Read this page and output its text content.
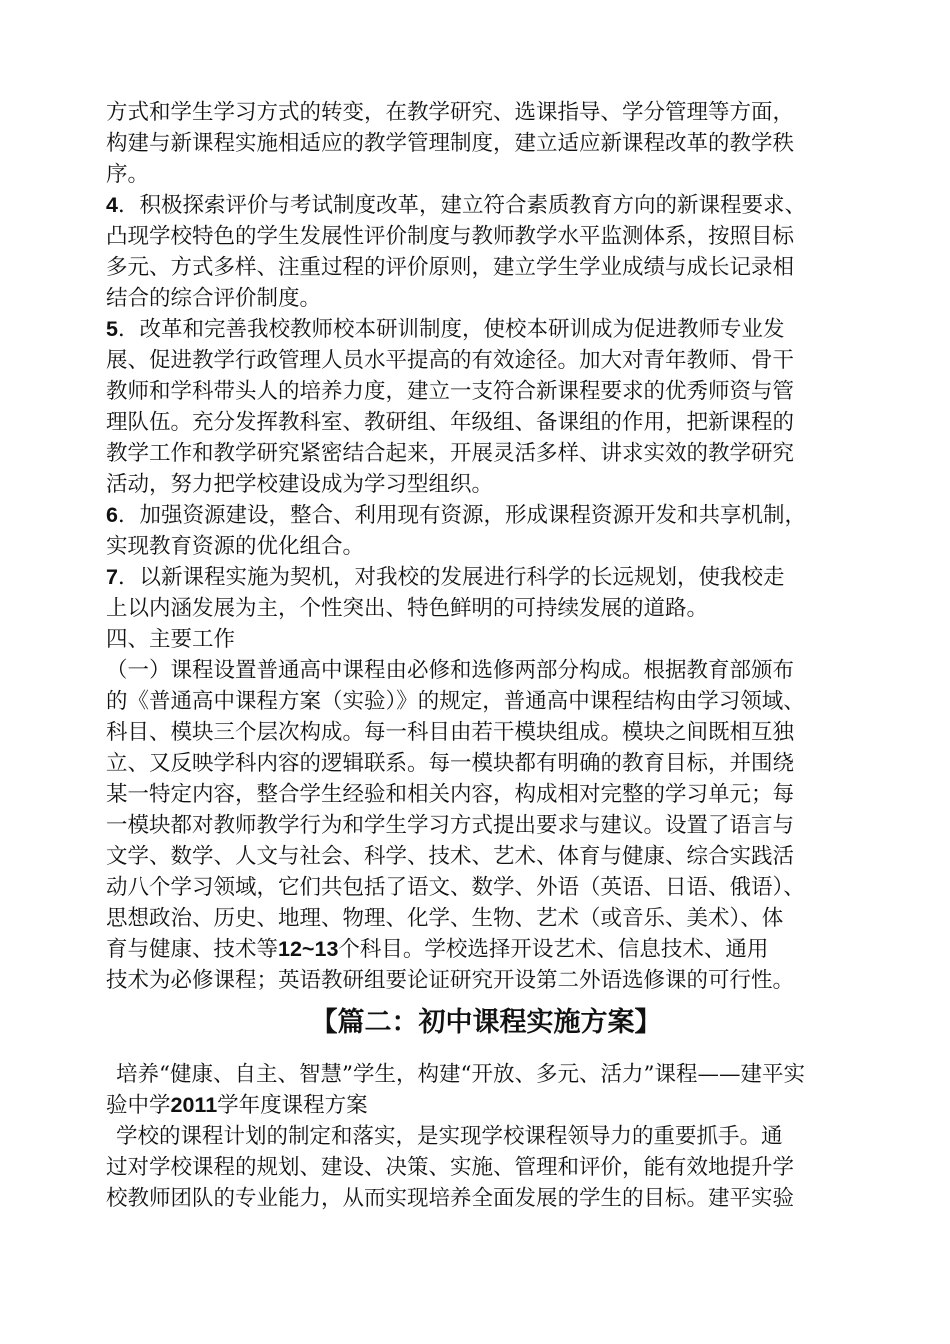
方式和学生学习方式的转变，在教学研究、选课指导、学分管理等方面，
构建与新课程实施相适应的教学管理制度，建立适应新课程改革的教学秩
序。
4．积极探索评价与考试制度改革，建立符合素质教育方向的新课程要求、
凸现学校特色的学生发展性评价制度与教师教学水平监测体系，按照目标
多元、方式多样、注重过程的评价原则，建立学生学业成绩与成长记录相
结合的综合评价制度。
5．改革和完善我校教师校本研训制度，使校本研训成为促进教师专业发
展、促进教学行政管理人员水平提高的有效途径。加大对青年教师、骨干
教师和学科带头人的培养力度，建立一支符合新课程要求的优秀师资与管
理队伍。充分发挥教科室、教研组、年级组、备课组的作用，把新课程的
教学工作和教学研究紧密结合起来，开展灵活多样、讲求实效的教学研究
活动，努力把学校建设成为学习型组织。
6．加强资源建设，整合、利用现有资源，形成课程资源开发和共享机制，
实现教育资源的优化组合。
7．以新课程实施为契机，对我校的发展进行科学的长远规划，使我校走
上以内涵发展为主，个性突出、特色鲜明的可持续发展的道路。
四、主要工作
（一）课程设置普通高中课程由必修和选修两部分构成。根据教育部颁布
的《普通高中课程方案（实验）》的规定，普通高中课程结构由学习领域、
科目、模块三个层次构成。每一科目由若干模块组成。模块之间既相互独
立、又反映学科内容的逻辑联系。每一模块都有明确的教育目标，并围绕
某一特定内容，整合学生经验和相关内容，构成相对完整的学习单元；每
一模块都对教师教学行为和学生学习方式提出要求与建议。设置了语言与
文学、数学、人文与社会、科学、技术、艺术、体育与健康、综合实践活
动八个学习领域，它们共包括了语文、数学、外语（英语、日语、俄语）、
思想政治、历史、地理、物理、化学、生物、艺术（或音乐、美术）、体
育与健康、技术等12~13个科目。学校选择开设艺术、信息技术、通用
技术为必修课程；英语教研组要论证研究开设第二外语选修课的可行性。
【篇二：初中课程实施方案】
培养“健康、自主、智慧”学生，构建“开放、多元、活力”课程——建平实
验中学2011学年度课程方案
学校的课程计划的制定和落实，是实现学校课程领导力的重要抓手。通
过对学校课程的规划、建设、决策、实施、管理和评价，能有效地提升学
校教师团队的专业能力，从而实现培养全面发展的学生的目标。建平实验
